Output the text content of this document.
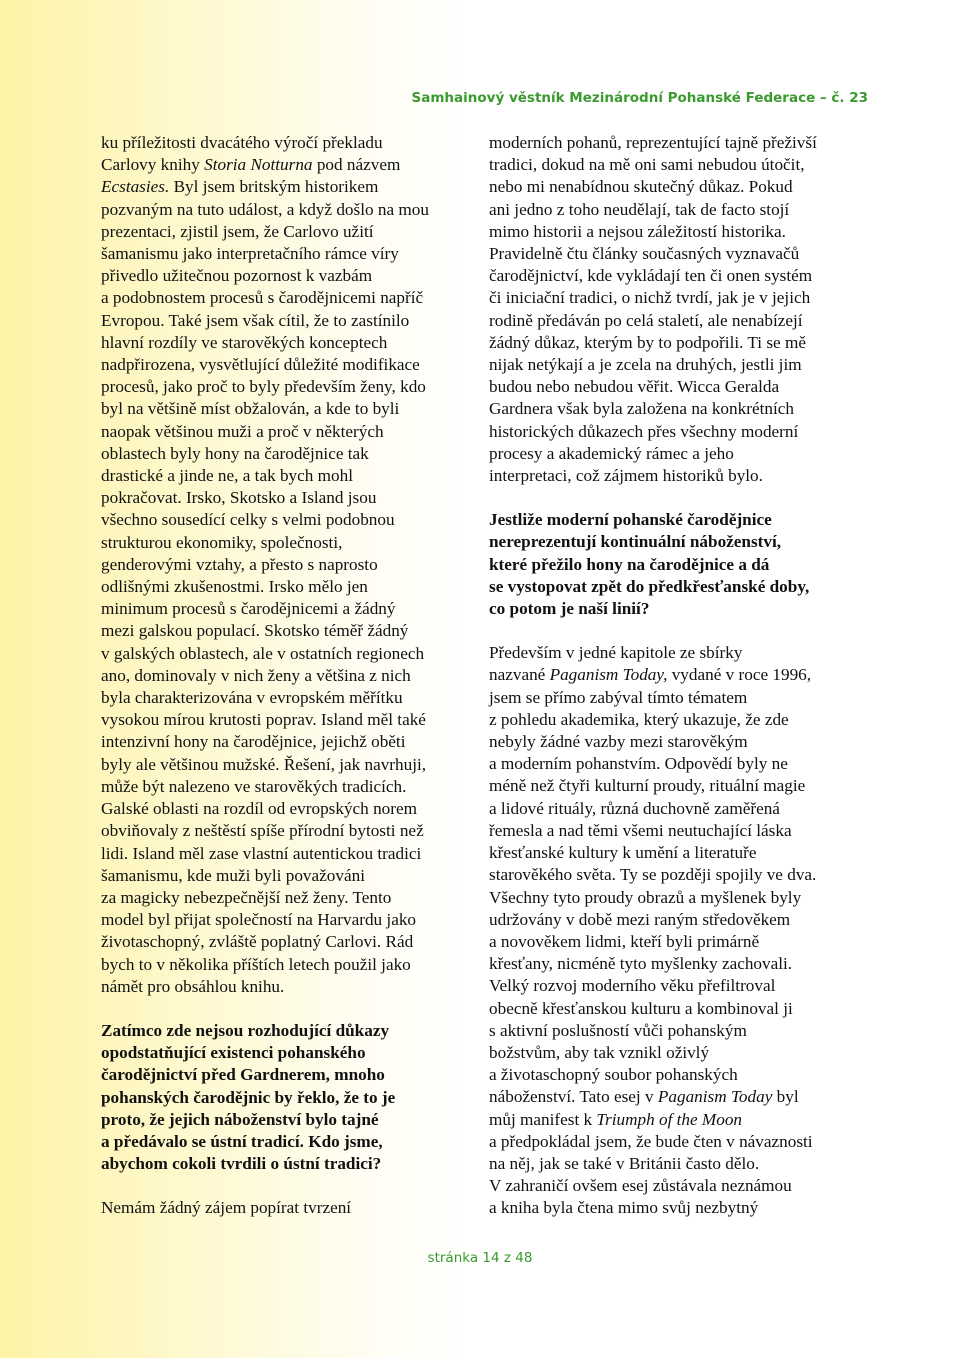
Samhainový věstník Mezinárodní Pohanské Federace – č. 23
ku příležitosti dvacátého výročí překladu
Carlovy knihy Storia Notturna pod názvem
Ecstasies. Byl jsem britským historikem
pozvaným na tuto událost, a když došlo na mou
prezentaci, zjistil jsem, že Carlovo užití
šamanismu jako interpretačního rámce víry
přivedlo užitečnou pozornost k vazbám
a podobnostem procesů s čarodějnicemi napříč
Evropou. Také jsem však cítil, že to zastínilo
hlavní rozdíly ve starověkých konceptech
nadpřirozena, vysvětlující důležité modifikace
procesů, jako proč to byly především ženy, kdo
byl na většině míst obžalován, a kde to byli
naopak většinou muži a proč v některých
oblastech byly hony na čarodějnice tak
drastické a jinde ne, a tak bych mohl
pokračovat. Irsko, Skotsko a Island jsou
všechno sousedící celky s velmi podobnou
strukturou ekonomiky, společnosti,
genderovými vztahy, a přesto s naprosto
odlišnými zkušenostmi. Irsko mělo jen
minimum procesů s čarodějnicemi a žádný
mezi galskou populací. Skotsko téměř žádný
v galských oblastech, ale v ostatních regionech
ano, dominovaly v nich ženy a většina z nich
byla charakterizována v evropském měřítku
vysokou mírou krutosti poprav. Island měl také
intenzivní hony na čarodějnice, jejichž oběti
byly ale většinou mužské. Řešení, jak navrhuji,
může být nalezeno ve starověkých tradicích.
Galské oblasti na rozdíl od evropských norem
obviňovaly z neštěstí spíše přírodní bytosti než
lidi. Island měl zase vlastní autentickou tradici
šamanismu, kde muži byli považováni
za magicky nebezpečnější než ženy. Tento
model byl přijat společností na Harvardu jako
životaschopný, zvláště poplatný Carlovi. Rád
bych to v několika příštích letech použil jako
námět pro obsáhlou knihu.
Zatímco zde nejsou rozhodující důkazy
opodstatňující existenci pohanského
čarodějnictví před Gardnerem, mnoho
pohanských čarodějnic by řeklo, že to je
proto, že jejich náboženství bylo tajné
a předávalo se ústní tradicí. Kdo jsme,
abychom cokoli tvrdili o ústní tradici?
Nemám žádný zájem popírat tvrzení
moderních pohanů, reprezentující tajně přeživší
tradici, dokud na mě oni sami nebudou útočit,
nebo mi nenabídnou skutečný důkaz. Pokud
ani jedno z toho neudělají, tak de facto stojí
mimo historii a nejsou záležitostí historika.
Pravidelně čtu články současných vyznavačů
čarodějnictví, kde vykládají ten či onen systém
či iniciační tradici, o nichž tvrdí, jak je v jejich
rodině předáván po celá staletí, ale nenabízejí
žádný důkaz, kterým by to podpořili. Ti se mě
nijak netýkají a je zcela na druhých, jestli jim
budou nebo nebudou věřit. Wicca Geralda
Gardnera však byla založena na konkrétních
historických důkazech přes všechny moderní
procesy a akademický rámec a jeho
interpretaci, což zájmem historiků bylo.
Jestliže moderní pohanské čarodějnice
nereprezentují kontinuální náboženství,
které přežilo hony na čarodějnice a dá
se vystopovat zpět do předkřesťanské doby,
co potom je naší linií?
Především v jedné kapitole ze sbírky
nazvané Paganism Today, vydané v roce 1996,
jsem se přímo zabýval tímto tématem
z pohledu akademika, který ukazuje, že zde
nebyly žádné vazby mezi starověkým
a moderním pohanstvím. Odpovědí byly ne
méně než čtyři kulturní proudy, rituální magie
a lidové rituály, různá duchovně zaměřená
řemesla a nad těmi všemi neutuchající láska
křesťanské kultury k umění a literatuře
starověkého světa. Ty se později spojily ve dva.
Všechny tyto proudy obrazů a myšlenek byly
udržovány v době mezi raným středověkem
a novověkem lidmi, kteří byli primárně
křesťany, nicméně tyto myšlenky zachovali.
Velký rozvoj moderního věku přefiltroval
obecně křesťanskou kulturu a kombinoval ji
s aktivní poslušností vůči pohanským
božstvům, aby tak vznikl oživlý
a životaschopný soubor pohanských
náboženství. Tato esej v Paganism Today byl
můj manifest k Triumph of the Moon
a předpokládal jsem, že bude čten v návaznosti
na něj, jak se také v Británii často dělo.
V zahraničí ovšem esej zůstávala neznámou
a kniha byla čtena mimo svůj nezbytný
stránka 14 z 48
